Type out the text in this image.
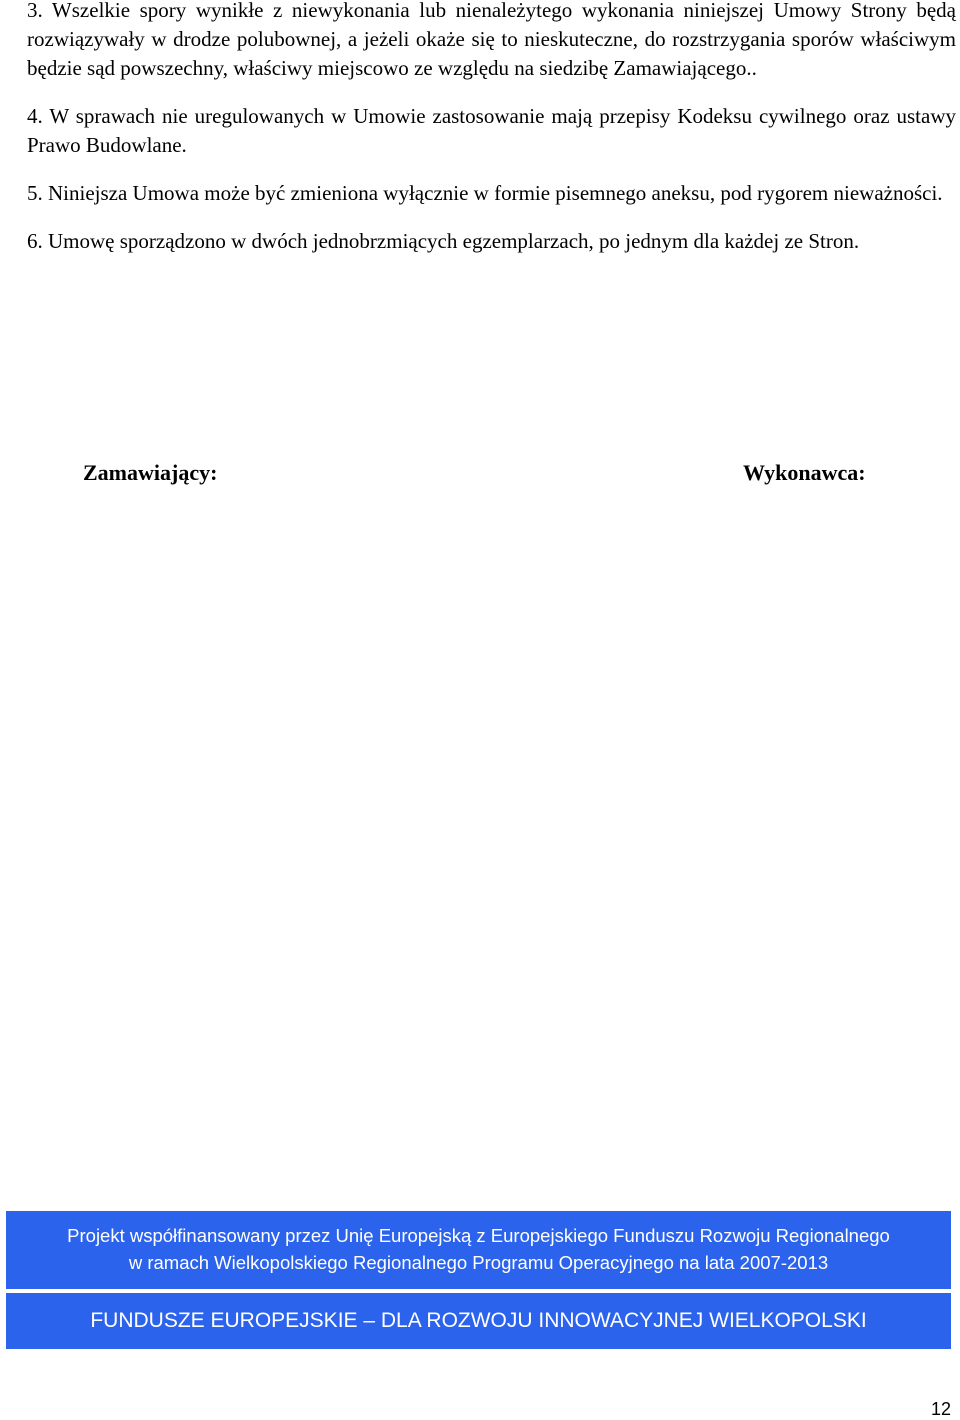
3. Wszelkie spory wynikłe z niewykonania lub nienależytego wykonania niniejszej Umowy Strony będą rozwiązywały w drodze polubownej, a jeżeli okaże się to nieskuteczne, do rozstrzygania sporów właściwym będzie sąd powszechny, właściwy miejscowo ze względu na siedzibę Zamawiającego..

4. W sprawach nie uregulowanych w Umowie zastosowanie mają przepisy Kodeksu cywilnego oraz ustawy Prawo Budowlane.

5. Niniejsza Umowa może być zmieniona wyłącznie w formie pisemnego aneksu, pod rygorem nieważności.

6. Umowę sporządzono w dwóch jednobrzmiących egzemplarzach, po jednym dla każdej ze Stron.

Zamawiający:	Wykonawca:
Projekt współfinansowany przez Unię Europejską z Europejskiego Funduszu Rozwoju Regionalnego
w ramach Wielkopolskiego Regionalnego Programu Operacyjnego na lata 2007-2013
FUNDUSZE EUROPEJSKIE – DLA ROZWOJU INNOWACYJNEJ WIELKOPOLSKI
12
